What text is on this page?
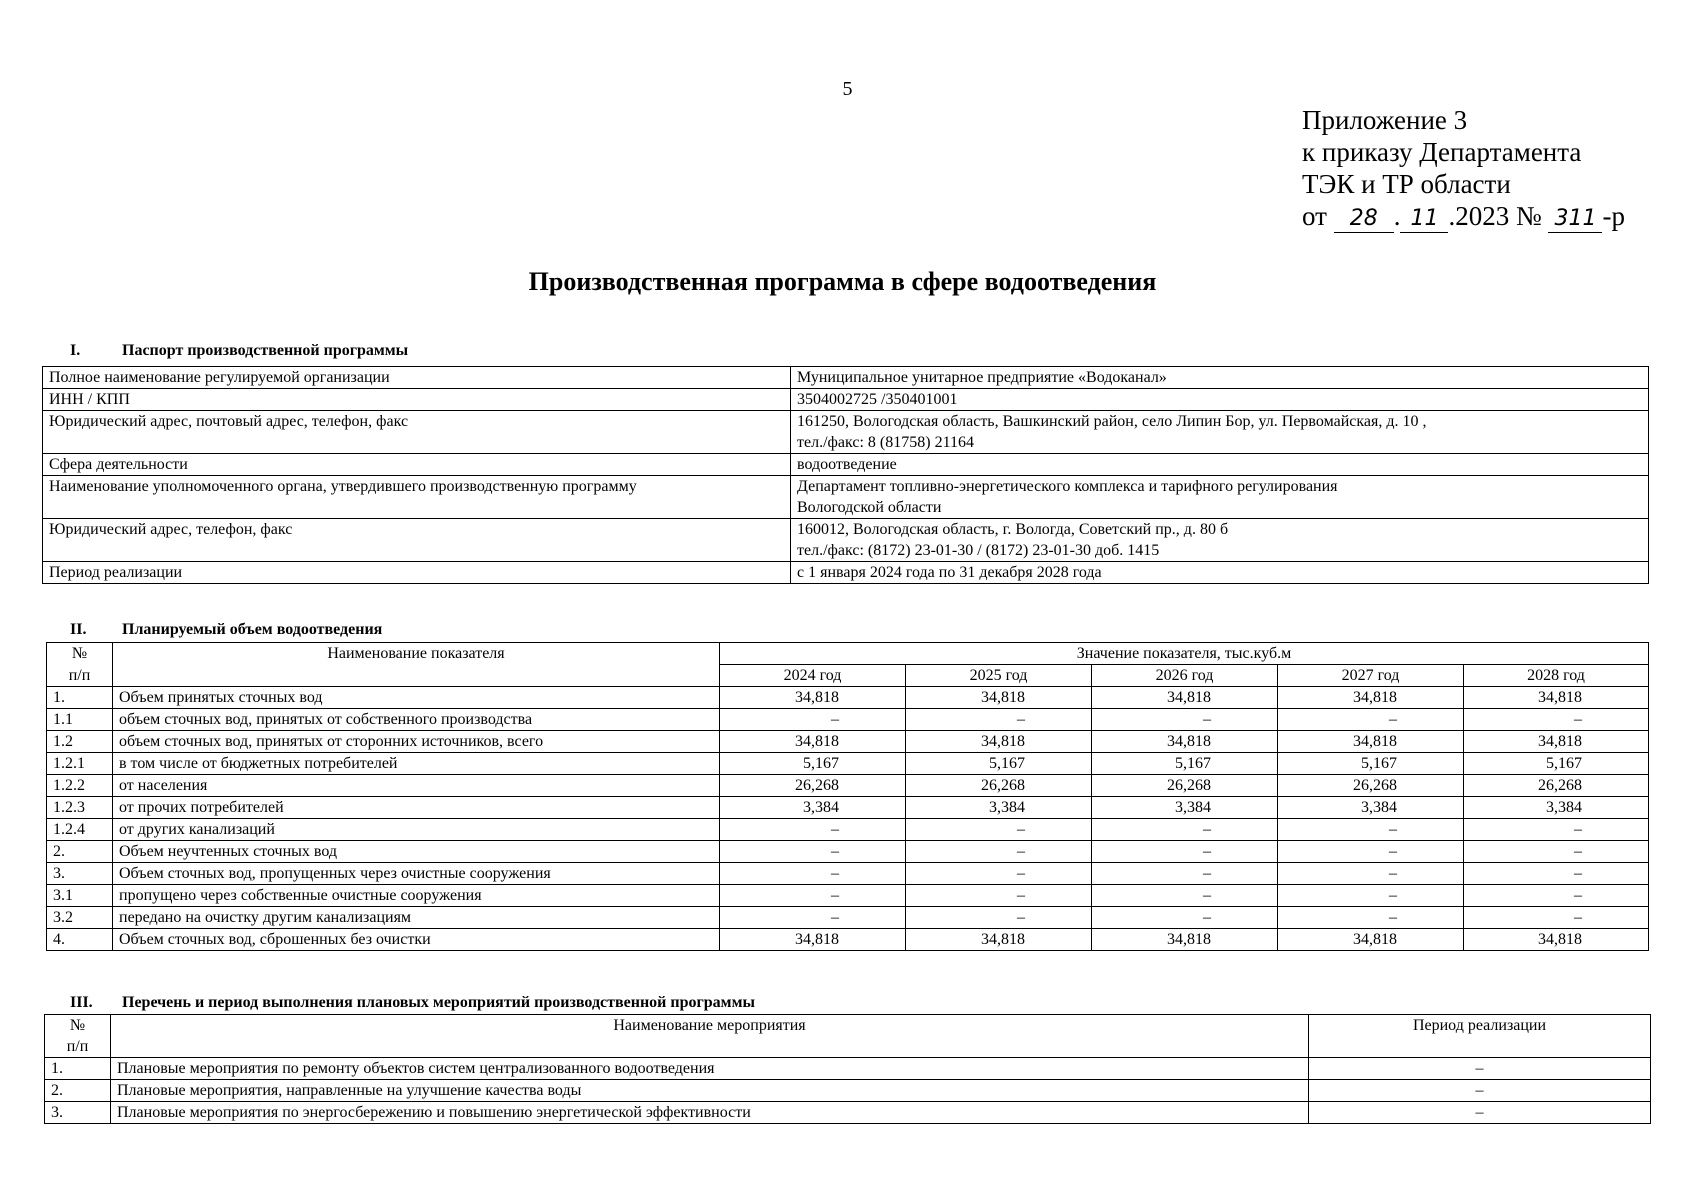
5
Приложение 3
к приказу Департамента
ТЭК и ТР области
от 28 . 11 .2023 № 311 -р
Производственная программа в сфере водоотведения
I.	Паспорт производственной программы
Полное наименование регулируемой организации	Муниципальное унитарное предприятие «Водоканал»

ИНН / КПП	3504002725 /350401001

Юридический адрес, почтовый адрес, телефон, факс	161250, Вологодская область, Вашкинский район, село Липин Бор, ул. Первомайская, д. 10 ,
тел./факс: 8 (81758) 21164

Сфера деятельности	водоотведение

Наименование уполномоченного органа, утвердившего производственную программу	Департамент топливно-энергетического комплекса и тарифного регулирования
Вологодской области

Юридический адрес, телефон, факс	160012, Вологодская область, г. Вологда, Советский пр., д. 80 б
тел./факс: (8172) 23-01-30 / (8172) 23-01-30 доб. 1415

Период реализации	с 1 января 2024 года по 31 декабря 2028 года
II. Планируемый объем водоотведения
№	Наименование показателя	Значение показателя, тыс.куб.м				
п/п		2024 год	2025 год	2026 год	2027 год	2028 год
1.	Объем принятых сточных вод	34,818	34,818	34,818	34,818	34,818
1.1	объем сточных вод, принятых от собственного производства	–	–	–	–	–
1.2	объем сточных вод, принятых от сторонних источников, всего	34,818	34,818	34,818	34,818	34,818
1.2.1	в том числе от бюджетных потребителей	5,167	5,167	5,167	5,167	5,167
1.2.2	от населения	26,268	26,268	26,268	26,268	26,268
1.2.3	от прочих потребителей	3,384	3,384	3,384	3,384	3,384
1.2.4	от других канализаций	–	–	–	–	–
2.	Объем неучтенных сточных вод	–	–	–	–	–
3.	Объем сточных вод, пропущенных через очистные сооружения	–	–	–	–	–
3.1	пропущено через собственные очистные сооружения	–	–	–	–	–
3.2	передано на очистку другим канализациям	–	–	–	–	–
4.	Объем сточных вод, сброшенных без очистки	34,818	34,818	34,818	34,818	34,818
III. Перечень и период выполнения плановых мероприятий производственной программы
№	Наименование мероприятия	Период реализации
п/п		
1.	Плановые мероприятия по ремонту объектов систем централизованного водоотведения	–
2.	Плановые мероприятия, направленные на улучшение качества воды	–
3.	Плановые мероприятия по энергосбережению и повышению энергетической эффективности	–
